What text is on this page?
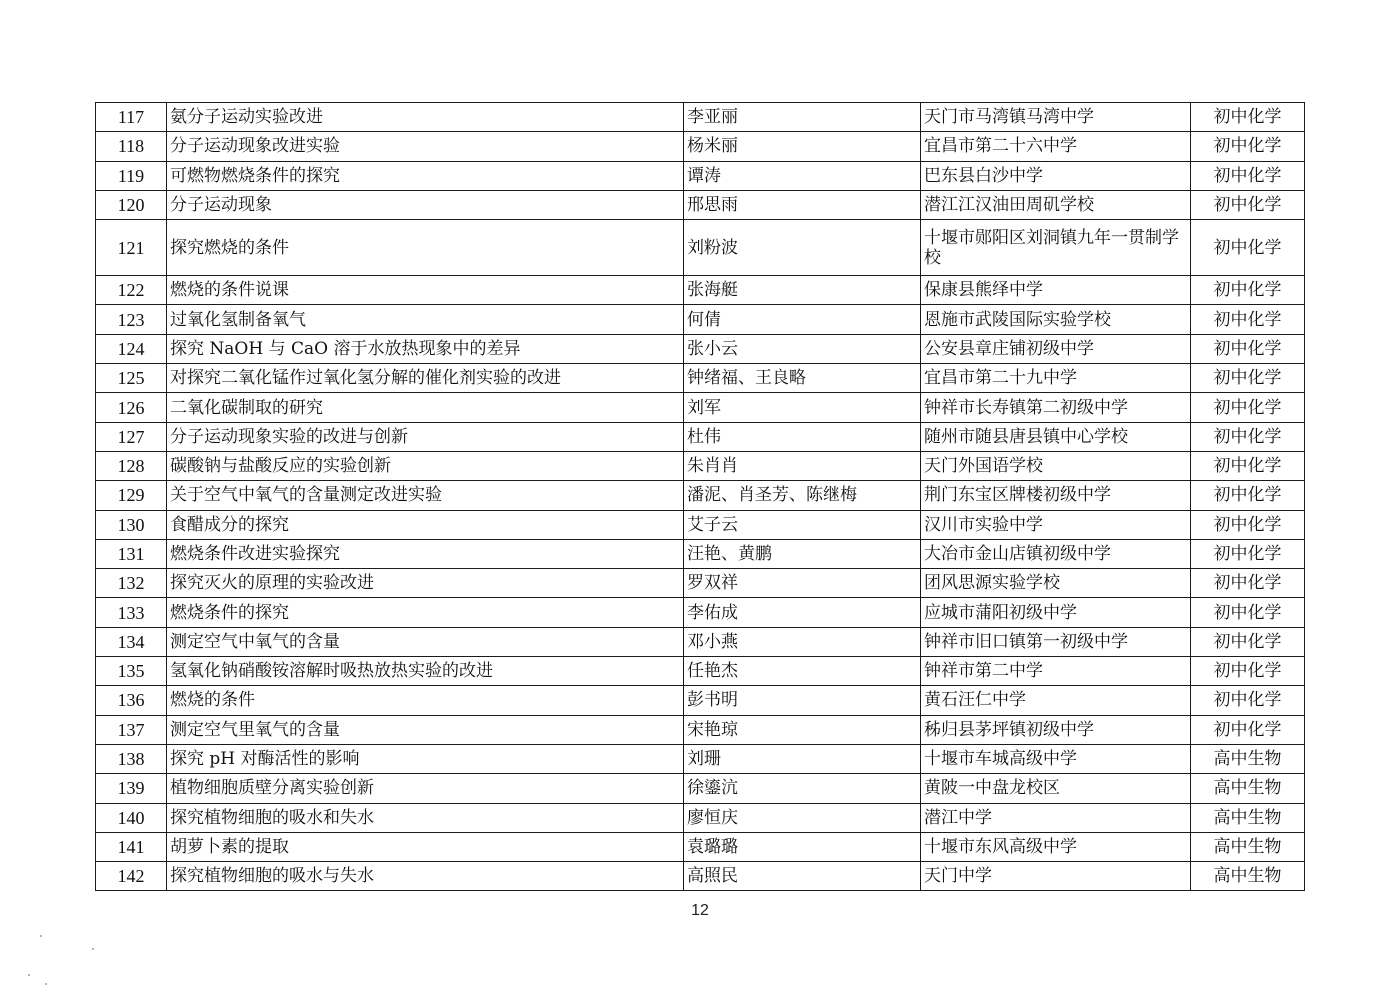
117	氨分子运动实验改进	李亚丽	天门市马湾镇马湾中学	初中化学
118	分子运动现象改进实验	杨米丽	宜昌市第二十六中学	初中化学
119	可燃物燃烧条件的探究	谭涛	巴东县白沙中学	初中化学
120	分子运动现象	邢思雨	潜江江汉油田周矶学校	初中化学
121	探究燃烧的条件	刘粉波	十堰市郧阳区刘洞镇九年一贯制学校	初中化学
122	燃烧的条件说课	张海艇	保康县熊绎中学	初中化学
123	过氧化氢制备氧气	何倩	恩施市武陵国际实验学校	初中化学
124	探究 NaOH 与 CaO 溶于水放热现象中的差异	张小云	公安县章庄铺初级中学	初中化学
125	对探究二氧化锰作过氧化氢分解的催化剂实验的改进	钟绪福、王良略	宜昌市第二十九中学	初中化学
126	二氧化碳制取的研究	刘军	钟祥市长寿镇第二初级中学	初中化学
127	分子运动现象实验的改进与创新	杜伟	随州市随县唐县镇中心学校	初中化学
128	碳酸钠与盐酸反应的实验创新	朱肖肖	天门外国语学校	初中化学
129	关于空气中氧气的含量测定改进实验	潘泥、肖圣芳、陈继梅	荆门东宝区牌楼初级中学	初中化学
130	食醋成分的探究	艾子云	汉川市实验中学	初中化学
131	燃烧条件改进实验探究	汪艳、黄鹏	大冶市金山店镇初级中学	初中化学
132	探究灭火的原理的实验改进	罗双祥	团风思源实验学校	初中化学
133	燃烧条件的探究	李佑成	应城市蒲阳初级中学	初中化学
134	测定空气中氧气的含量	邓小燕	钟祥市旧口镇第一初级中学	初中化学
135	氢氧化钠硝酸铵溶解时吸热放热实验的改进	任艳杰	钟祥市第二中学	初中化学
136	燃烧的条件	彭书明	黄石汪仁中学	初中化学
137	测定空气里氧气的含量	宋艳琼	秭归县茅坪镇初级中学	初中化学
138	探究 pH 对酶活性的影响	刘珊	十堰市车城高级中学	高中生物
139	植物细胞质壁分离实验创新	徐鎏沆	黄陂一中盘龙校区	高中生物
140	探究植物细胞的吸水和失水	廖恒庆	潜江中学	高中生物
141	胡萝卜素的提取	袁璐璐	十堰市东风高级中学	高中生物
142	探究植物细胞的吸水与失水	高照民	天门中学	高中生物
12
